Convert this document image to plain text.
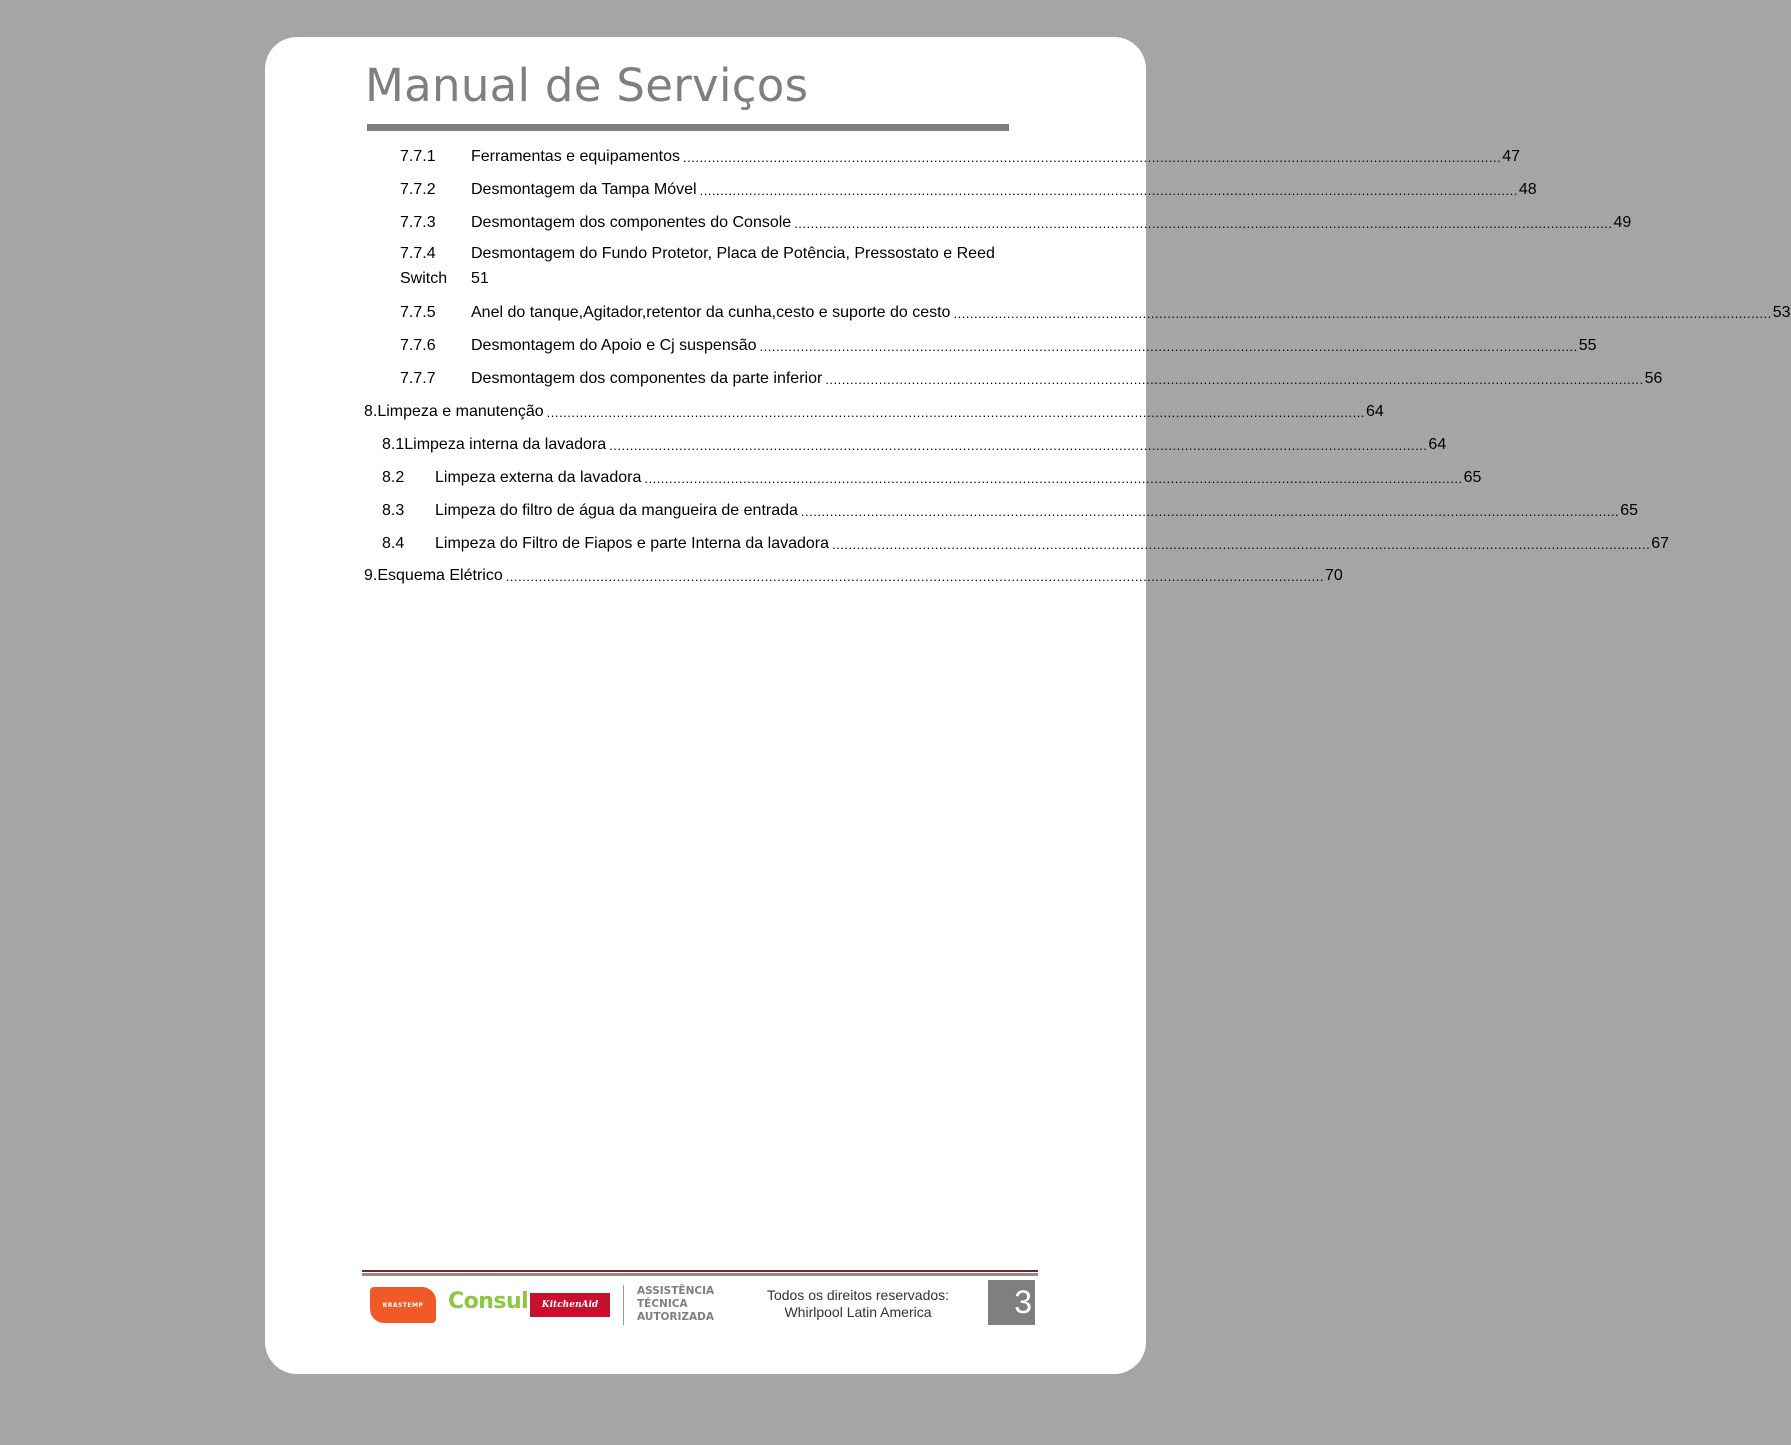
Manual de Serviços
7.7.1	Ferramentas e equipamentos ....................................................................................................................................................................................................... 47
7.7.2	Desmontagem da Tampa Móvel ....................................................................................................................................................................................................... 48
7.7.3	Desmontagem dos componentes do Console ....................................................................................................................................................................................................... 49
7.7.4 Desmontagem do Fundo Protetor, Placa de Potência, Pressostato e Reed
Switch 51
7.7.5	Anel do tanque,Agitador,retentor da cunha,cesto e suporte do cesto ....................................................................................................................................................................................................... 53
7.7.6	Desmontagem do Apoio e Cj suspensão ....................................................................................................................................................................................................... 55
7.7.7	Desmontagem dos componentes da parte inferior ....................................................................................................................................................................................................... 56
8.Limpeza e manutenção ....................................................................................................................................................................................................... 64
8.1Limpeza interna da lavadora ....................................................................................................................................................................................................... 64
8.2	Limpeza externa da lavadora ....................................................................................................................................................................................................... 65
8.3	Limpeza do filtro de água da mangueira de entrada ....................................................................................................................................................................................................... 65
8.4	Limpeza do Filtro de Fiapos e parte Interna da lavadora ....................................................................................................................................................................................................... 67
9.Esquema Elétrico ....................................................................................................................................................................................................... 70
BRASTEMP	Consul	KitchenAid
ASSISTÊNCIA
TÉCNICA
AUTORIZADA
Todos os direitos reservados:
Whirlpool Latin America	3
